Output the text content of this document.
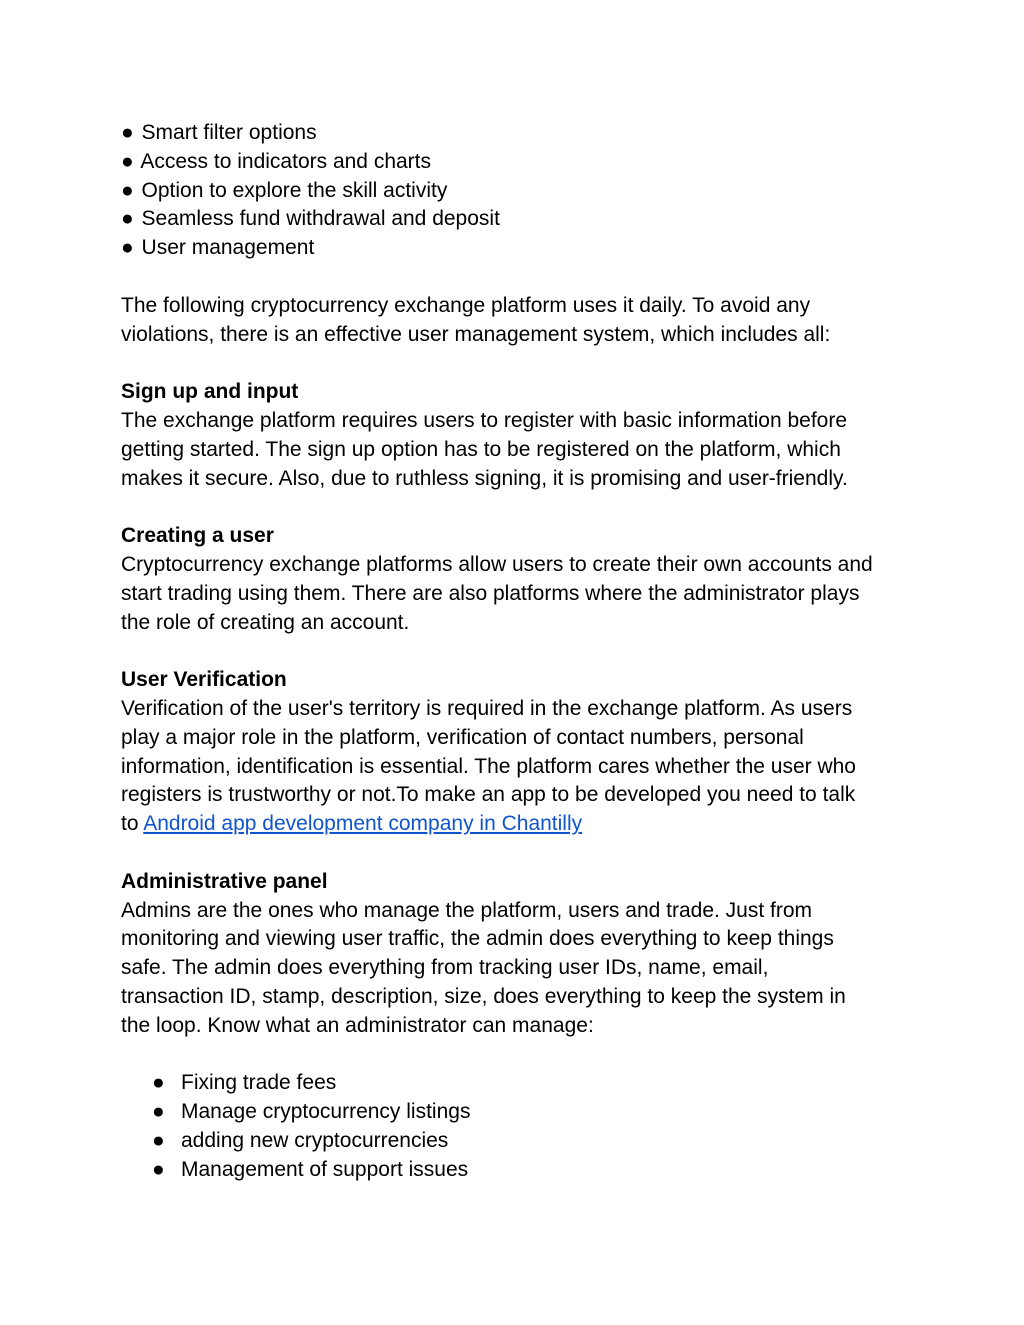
● Smart filter options
● Access to indicators and charts
● Option to explore the skill activity
● Seamless fund withdrawal and deposit
● User management
The following cryptocurrency exchange platform uses it daily. To avoid any
violations, there is an effective user management system, which includes all:
Sign up and input
The exchange platform requires users to register with basic information before
getting started. The sign up option has to be registered on the platform, which
makes it secure. Also, due to ruthless signing, it is promising and user-friendly.
Creating a user
Cryptocurrency exchange platforms allow users to create their own accounts and
start trading using them. There are also platforms where the administrator plays
the role of creating an account.
User Verification
Verification of the user's territory is required in the exchange platform. As users
play a major role in the platform, verification of contact numbers, personal
information, identification is essential. The platform cares whether the user who
registers is trustworthy or not.To make an app to be developed you need to talk
to Android app development company in Chantilly
Administrative panel
Admins are the ones who manage the platform, users and trade. Just from
monitoring and viewing user traffic, the admin does everything to keep things
safe. The admin does everything from tracking user IDs, name, email,
transaction ID, stamp, description, size, does everything to keep the system in
the loop. Know what an administrator can manage:
● Fixing trade fees
● Manage cryptocurrency listings
● adding new cryptocurrencies
● Management of support issues
